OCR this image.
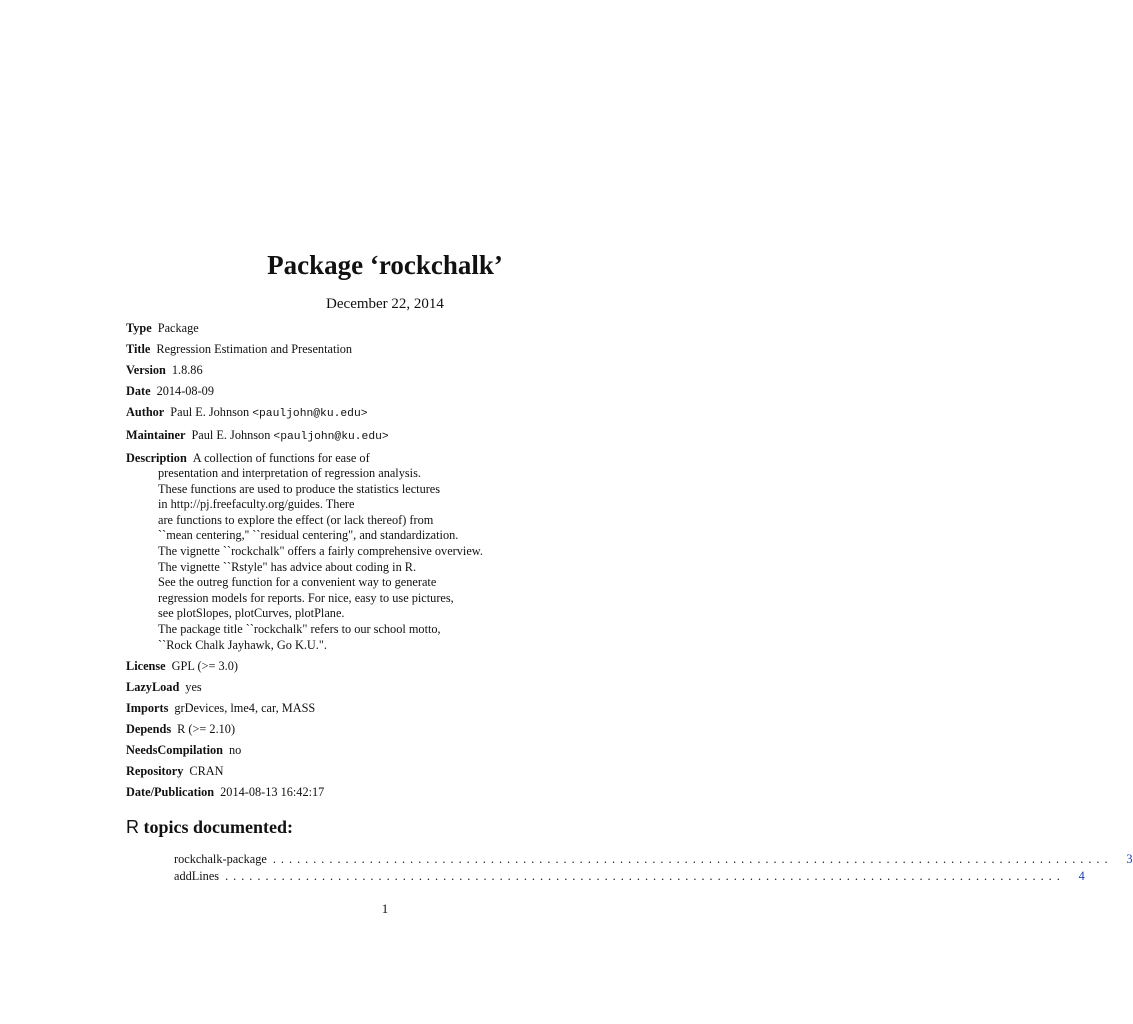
Package ‘rockchalk’
December 22, 2014
Type Package
Title Regression Estimation and Presentation
Version 1.8.86
Date 2014-08-09
Author Paul E. Johnson <pauljohn@ku.edu>
Maintainer Paul E. Johnson <pauljohn@ku.edu>
Description A collection of functions for ease of
presentation and interpretation of regression analysis.
These functions are used to produce the statistics lectures
in http://pj.freefaculty.org/guides. There
are functions to explore the effect (or lack thereof) from
``mean centering,'' ``residual centering", and standardization.
The vignette ``rockchalk" offers a fairly comprehensive overview.
The vignette ``Rstyle" has advice about coding in R.
See the outreg function for a convenient way to generate
regression models for reports. For nice, easy to use pictures,
see plotSlopes, plotCurves, plotPlane.
The package title ``rockchalk" refers to our school motto,
``Rock Chalk Jayhawk, Go K.U.".
License GPL (>= 3.0)
LazyLoad yes
Imports grDevices, lme4, car, MASS
Depends R (>= 2.10)
NeedsCompilation no
Repository CRAN
Date/Publication 2014-08-13 16:42:17
R topics documented:
rockchalk-package ........................................................................................................	3
addLines ........................................................................................................	4
1
